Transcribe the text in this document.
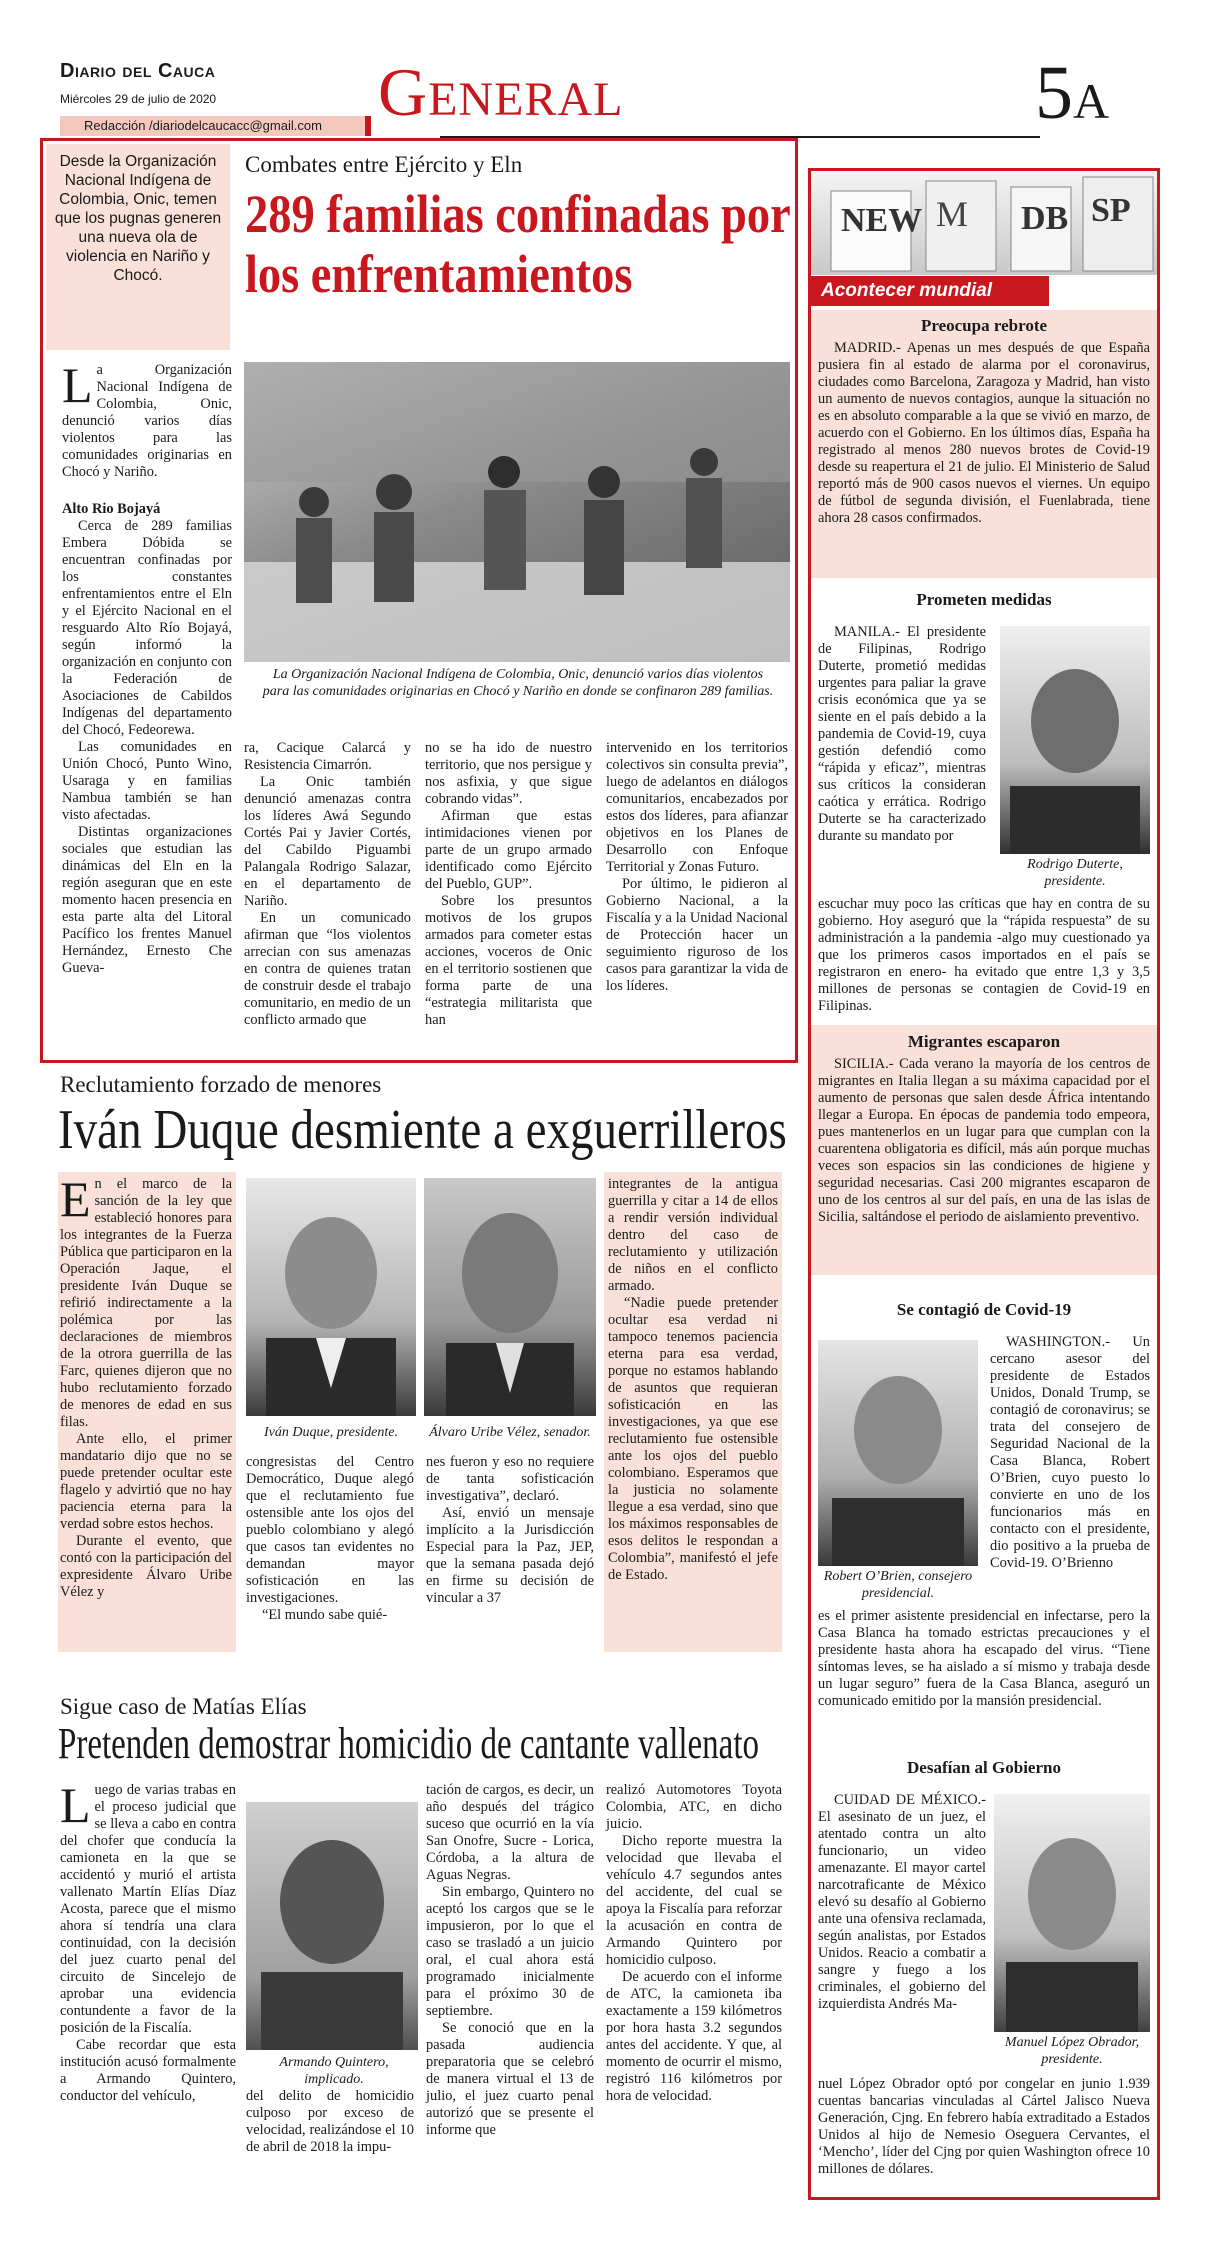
Diario del Cauca
Miércoles 29 de julio de 2020
Redacción /diariodelcaucacc@gmail.com General	5A
Desde la Organización Nacional Indígena de Colombia, Onic, temen que los pugnas generen una nueva ola de violencia en Nariño y Chocó.
Combates entre Ejército y Eln
289 familias confinadas por los enfrentamientos
La Organización Nacional Indígena de Colombia, Onic, denunció varios días violentos para las comunidades originarias en Chocó y Nariño en donde se confinaron 289 familias.

La Organización Nacional Indígena de Colombia, Onic, denunció varios días violentos para las comunidades originarias en Chocó y Nariño.

Alto Rio Bojayá

Cerca de 289 familias Embera Dóbida se encuentran confinadas por los constantes enfrentamientos entre el Eln y el Ejército Nacional en el resguardo Alto Río Bojayá, según informó la organización en conjunto con la Federación de Asociaciones de Cabildos Indígenas del departamento del Chocó, Fedeorewa.

Las comunidades en Unión Chocó, Punto Wino, Usaraga y en familias Nambua también se han visto afectadas.

Distintas organizaciones sociales que estudian las dinámicas del Eln en la región aseguran que en este momento hacen presencia en esta parte alta del Litoral Pacífico los frentes Manuel Hernández, Ernesto Che Gueva-

ra, Cacique Calarcá y Resistencia Cimarrón.

La Onic también denunció amenazas contra los líderes Awá Segundo Cortés Pai y Javier Cortés, del Cabildo Piguambi Palangala Rodrigo Salazar, en el departamento de Nariño.

En un comunicado afirman que “los violentos arrecian con sus amenazas en contra de quienes tratan de construir desde el trabajo comunitario, en medio de un conflicto armado que

no se ha ido de nuestro territorio, que nos persigue y nos asfixia, y que sigue cobrando vidas”.

Afirman que estas intimidaciones vienen por parte de un grupo armado identificado como Ejército del Pueblo, GUP”.

Sobre los presuntos motivos de los grupos armados para cometer estas acciones, voceros de Onic en el territorio sostienen que forma parte de una “estrategia militarista que han

intervenido en los territorios colectivos sin consulta previa”, luego de adelantos en diálogos comunitarios, encabezados por estos dos líderes, para afianzar objetivos en los Planes de Desarrollo con Enfoque Territorial y Zonas Futuro.

Por último, le pidieron al Gobierno Nacional, a la Fiscalía y a la Unidad Nacional de Protección hacer un seguimiento riguroso de los casos para garantizar la vida de los líderes.

Reclutamiento forzado de menores
Iván Duque desmiente a exguerrilleros

En el marco de la sanción de la ley que estableció honores para los integrantes de la Fuerza Pública que participaron en la Operación Jaque, el presidente Iván Duque se refirió indirectamente a la polémica por las declaraciones de miembros de la otrora guerrilla de las Farc, quienes dijeron que no hubo reclutamiento forzado de menores de edad en sus filas.

Ante ello, el primer mandatario dijo que no se puede pretender ocultar este flagelo y advirtió que no hay paciencia eterna para la verdad sobre estos hechos.

Durante el evento, que contó con la participación del expresidente Álvaro Uribe Vélez y

Iván Duque, presidente.	Álvaro Uribe Vélez, senador.

congresistas del Centro Democrático, Duque alegó que el reclutamiento fue ostensible ante los ojos del pueblo colombiano y alegó que casos tan evidentes no demandan mayor sofisticación en las investigaciones.

“El mundo sabe quié-

nes fueron y eso no requiere de tanta sofisticación investigativa”, declaró.

Así, envió un mensaje implícito a la Jurisdicción Especial para la Paz, JEP, que la semana pasada dejó en firme su decisión de vincular a 37

integrantes de la antigua guerrilla y citar a 14 de ellos a rendir versión individual dentro del caso de reclutamiento y utilización de niños en el conflicto armado.

“Nadie puede pretender ocultar esa verdad ni tampoco tenemos paciencia eterna para esa verdad, porque no estamos hablando de asuntos que requieran sofisticación en las investigaciones, ya que ese reclutamiento fue ostensible ante los ojos del pueblo colombiano. Esperamos que la justicia no solamente llegue a esa verdad, sino que los máximos responsables de esos delitos le respondan a Colombia”, manifestó el jefe de Estado.

Sigue caso de Matías Elías
Pretenden demostrar homicidio de cantante vallenato

Luego de varias trabas en el proceso judicial que se lleva a cabo en contra del chofer que conducía la camioneta en la que se accidentó y murió el artista vallenato Martín Elías Díaz Acosta, parece que el mismo ahora sí tendría una clara continuidad, con la decisión del juez cuarto penal del circuito de Sincelejo de aprobar una evidencia contundente a favor de la posición de la Fiscalía.

Cabe recordar que esta institución acusó formalmente a Armando Quintero, conductor del vehículo,

Armando Quintero, implicado.

del delito de homicidio culposo por exceso de velocidad, realizándose el 10 de abril de 2018 la impu-

tación de cargos, es decir, un año después del trágico suceso que ocurrió en la vía San Onofre, Sucre - Lorica, Córdoba, a la altura de Aguas Negras.

Sin embargo, Quintero no aceptó los cargos que se le impusieron, por lo que el caso se trasladó a un juicio oral, el cual ahora está programado inicialmente para el próximo 30 de septiembre.

Se conoció que en la pasada audiencia preparatoria que se celebró de manera virtual el 13 de julio, el juez cuarto penal autorizó que se presente el informe que

realizó Automotores Toyota Colombia, ATC, en dicho juicio.

Dicho reporte muestra la velocidad que llevaba el vehículo 4.7 segundos antes del accidente, del cual se apoya la Fiscalía para reforzar la acusación en contra de Armando Quintero por homicidio culposo.

De acuerdo con el informe de ATC, la camioneta iba exactamente a 159 kilómetros por hora hasta 3.2 segundos antes del accidente. Y que, al momento de ocurrir el mismo, registró 116 kilómetros por hora de velocidad.

NEW M DB SP
Acontecer mundial
Preocupa rebrote

MADRID.- Apenas un mes después de que España pusiera fin al estado de alarma por el coronavirus, ciudades como Barcelona, Zaragoza y Madrid, han visto un aumento de nuevos contagios, aunque la situación no es en absoluto comparable a la que se vivió en marzo, de acuerdo con el Gobierno. En los últimos días, España ha registrado al menos 280 nuevos brotes de Covid-19 desde su reapertura el 21 de julio. El Ministerio de Salud reportó más de 900 casos nuevos el viernes. Un equipo de fútbol de segunda división, el Fuenlabrada, tiene ahora 28 casos confirmados.

Prometen medidas

MANILA.- El presidente de Filipinas, Rodrigo Duterte, prometió medidas urgentes para paliar la grave crisis económica que ya se siente en el país debido a la pandemia de Covid-19, cuya gestión defendió como “rápida y eficaz”, mientras sus críticos la consideran caótica y errática. Rodrigo Duterte se ha caracterizado durante su mandato por

Rodrigo Duterte, presidente.

escuchar muy poco las críticas que hay en contra de su gobierno. Hoy aseguró que la “rápida respuesta” de su administración a la pandemia -algo muy cuestionado ya que los primeros casos importados en el país se registraron en enero- ha evitado que entre 1,3 y 3,5 millones de personas se contagien de Covid-19 en Filipinas.

Migrantes escaparon

SICILIA.- Cada verano la mayoría de los centros de migrantes en Italia llegan a su máxima capacidad por el aumento de personas que salen desde África intentando llegar a Europa. En épocas de pandemia todo empeora, pues mantenerlos en un lugar para que cumplan con la cuarentena obligatoria es difícil, más aún porque muchas veces son espacios sin las condiciones de higiene y seguridad necesarias. Casi 200 migrantes escaparon de uno de los centros al sur del país, en una de las islas de Sicilia, saltándose el periodo de aislamiento preventivo.

Se contagió de Covid-19
Robert O’Brien, consejero presidencial.

WASHINGTON.- Un cercano asesor del presidente de Estados Unidos, Donald Trump, se contagió de coronavirus; se trata del consejero de Seguridad Nacional de la Casa Blanca, Robert O’Brien, cuyo puesto lo convierte en uno de los funcionarios más en contacto con el presidente, dio positivo a la prueba de Covid-19. O’Brienno

es el primer asistente presidencial en infectarse, pero la Casa Blanca ha tomado estrictas precauciones y el presidente hasta ahora ha escapado del virus. “Tiene síntomas leves, se ha aislado a sí mismo y trabaja desde un lugar seguro” fuera de la Casa Blanca, aseguró un comunicado emitido por la mansión presidencial.

Desafían al Gobierno

CUIDAD DE MÉXICO.- El asesinato de un juez, el atentado contra un alto funcionario, un video amenazante. El mayor cartel narcotraficante de México elevó su desafío al Gobierno ante una ofensiva reclamada, según analistas, por Estados Unidos. Reacio a combatir a sangre y fuego a los criminales, el gobierno del izquierdista Andrés Ma-

Manuel López Obrador, presidente.

nuel López Obrador optó por congelar en junio 1.939 cuentas bancarias vinculadas al Cártel Jalisco Nueva Generación, Cjng. En febrero había extraditado a Estados Unidos al hijo de Nemesio Oseguera Cervantes, el ‘Mencho’, líder del Cjng por quien Washington ofrece 10 millones de dólares.
